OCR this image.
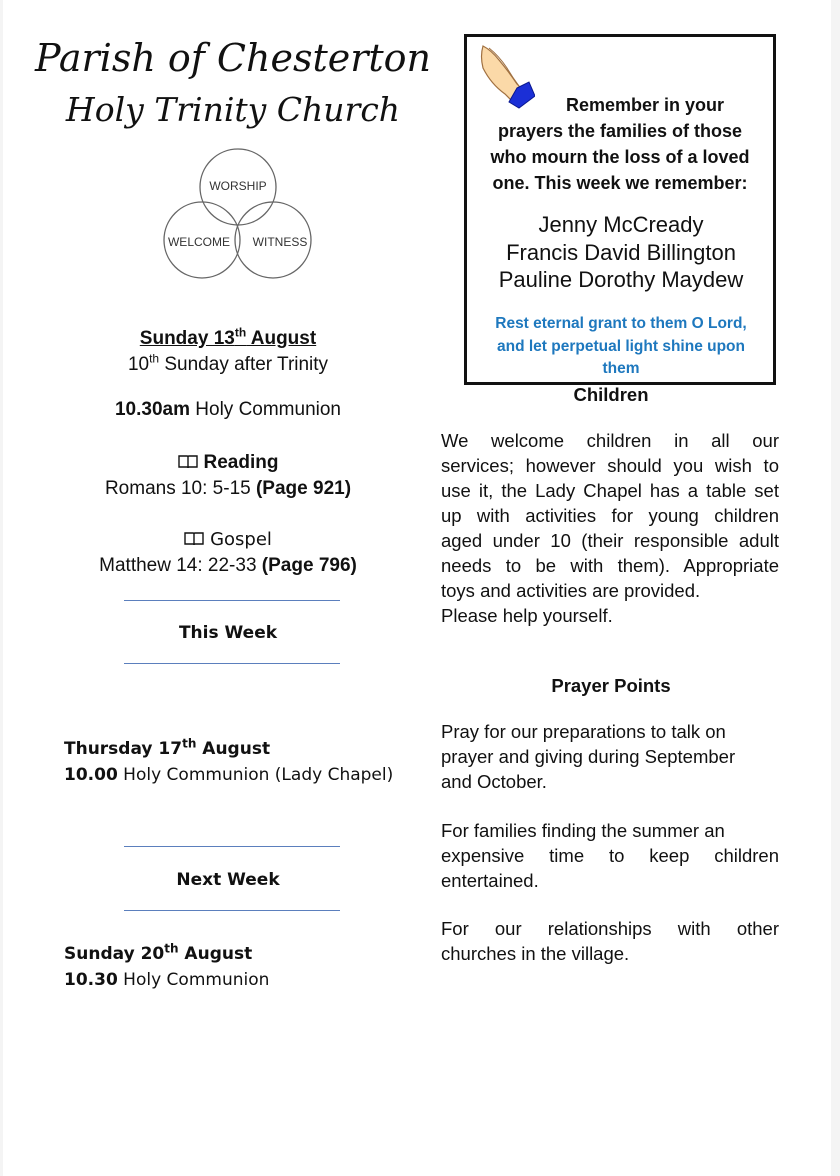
Parish of Chesterton
Holy Trinity Church
WORSHIP
WELCOME WITNESS
Sunday 13th August
10th Sunday after Trinity
10.30am Holy Communion
Reading
Romans 10: 5-15 (Page 921)
Gospel
Matthew 14: 22-33 (Page 796)
This Week
Thursday 17th August
10.00 Holy Communion (Lady Chapel)
Next Week
Sunday 20th August
10.30 Holy Communion
Remember in your
prayers the families of those
who mourn the loss of a loved
one. This week we remember:
Jenny McCready
Francis David Billington
Pauline Dorothy Maydew
Rest eternal grant to them O Lord,
and let perpetual light shine upon
them
Children
We welcome children in all our
services; however should you wish to
use it, the Lady Chapel has a table set
up with activities for young children
aged under 10 (their responsible adult
needs to be with them). Appropriate
toys and activities are provided.
Please help yourself.
Prayer Points
Pray for our preparations to talk on
prayer and giving during September
and October.
For families finding the summer an
expensive time to keep children
entertained.
For our relationships with other
churches in the village.
